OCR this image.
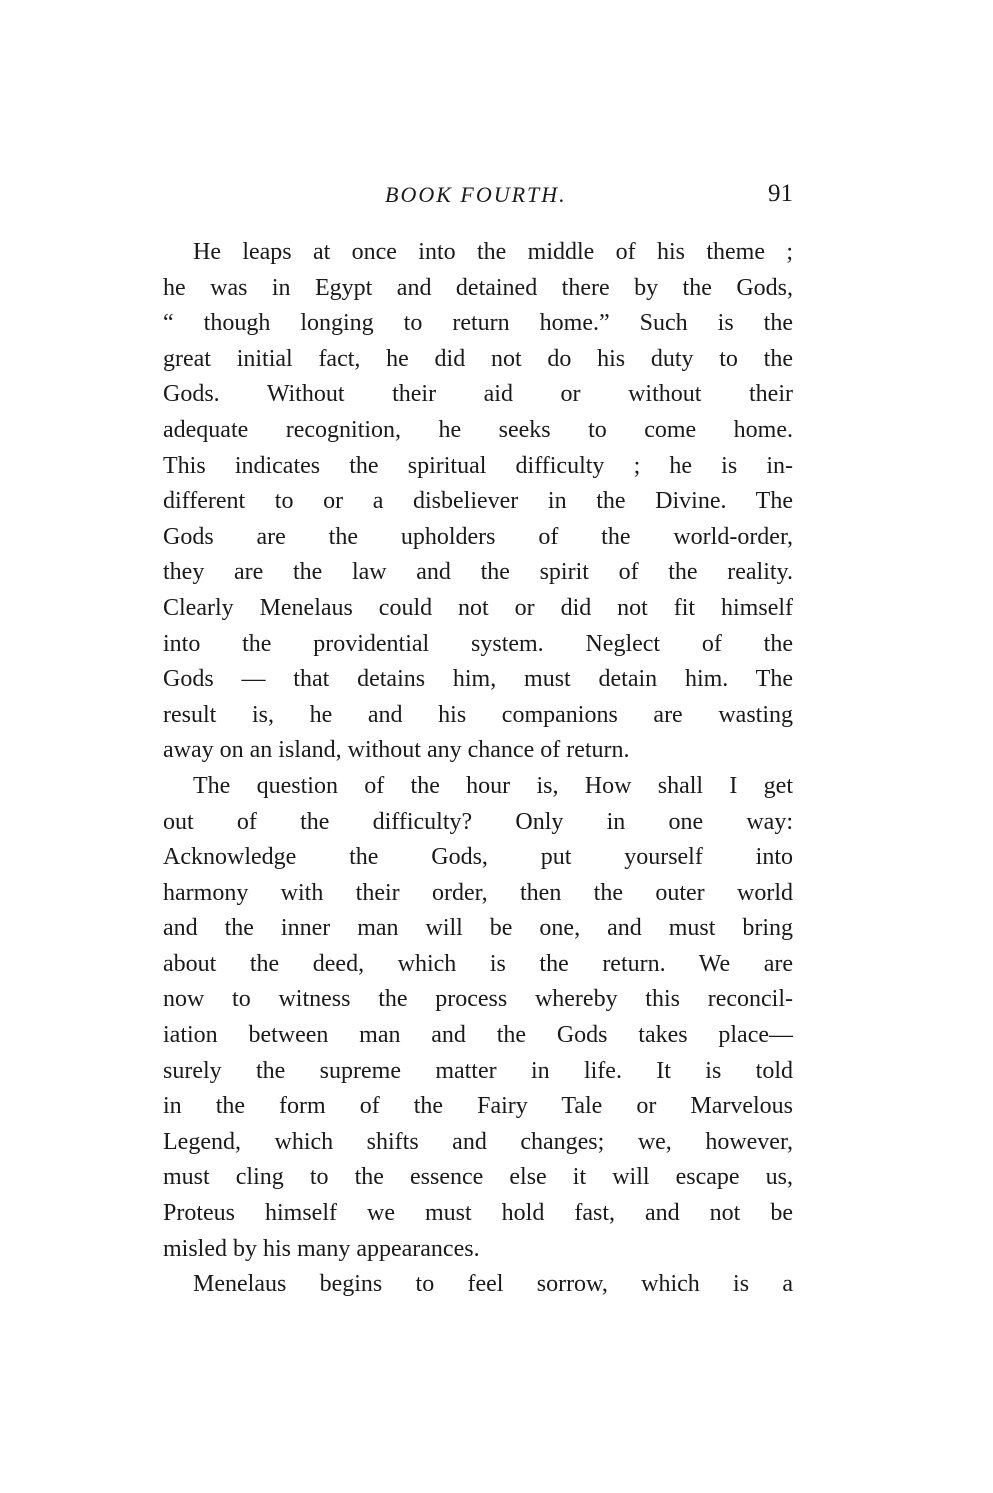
BOOK FOURTH.	91
He leaps at once into the middle of his theme ;
he was in Egypt and detained there by the Gods,
“ though longing to return home.” Such is the
great initial fact, he did not do his duty to the
Gods. Without their aid or without their
adequate recognition, he seeks to come home.
This indicates the spiritual difficulty ; he is in-
different to or a disbeliever in the Divine. The
Gods are the upholders of the world-order,
they are the law and the spirit of the reality.
Clearly Menelaus could not or did not fit himself
into the providential system. Neglect of the
Gods — that detains him, must detain him. The
result is, he and his companions are wasting
away on an island, without any chance of return.
The question of the hour is, How shall I get
out of the difficulty? Only in one way:
Acknowledge the Gods, put yourself into
harmony with their order, then the outer world
and the inner man will be one, and must bring
about the deed, which is the return. We are
now to witness the process whereby this reconcil-
iation between man and the Gods takes place—
surely the supreme matter in life. It is told
in the form of the Fairy Tale or Marvelous
Legend, which shifts and changes; we, however,
must cling to the essence else it will escape us,
Proteus himself we must hold fast, and not be
misled by his many appearances.
Menelaus begins to feel sorrow, which is a
